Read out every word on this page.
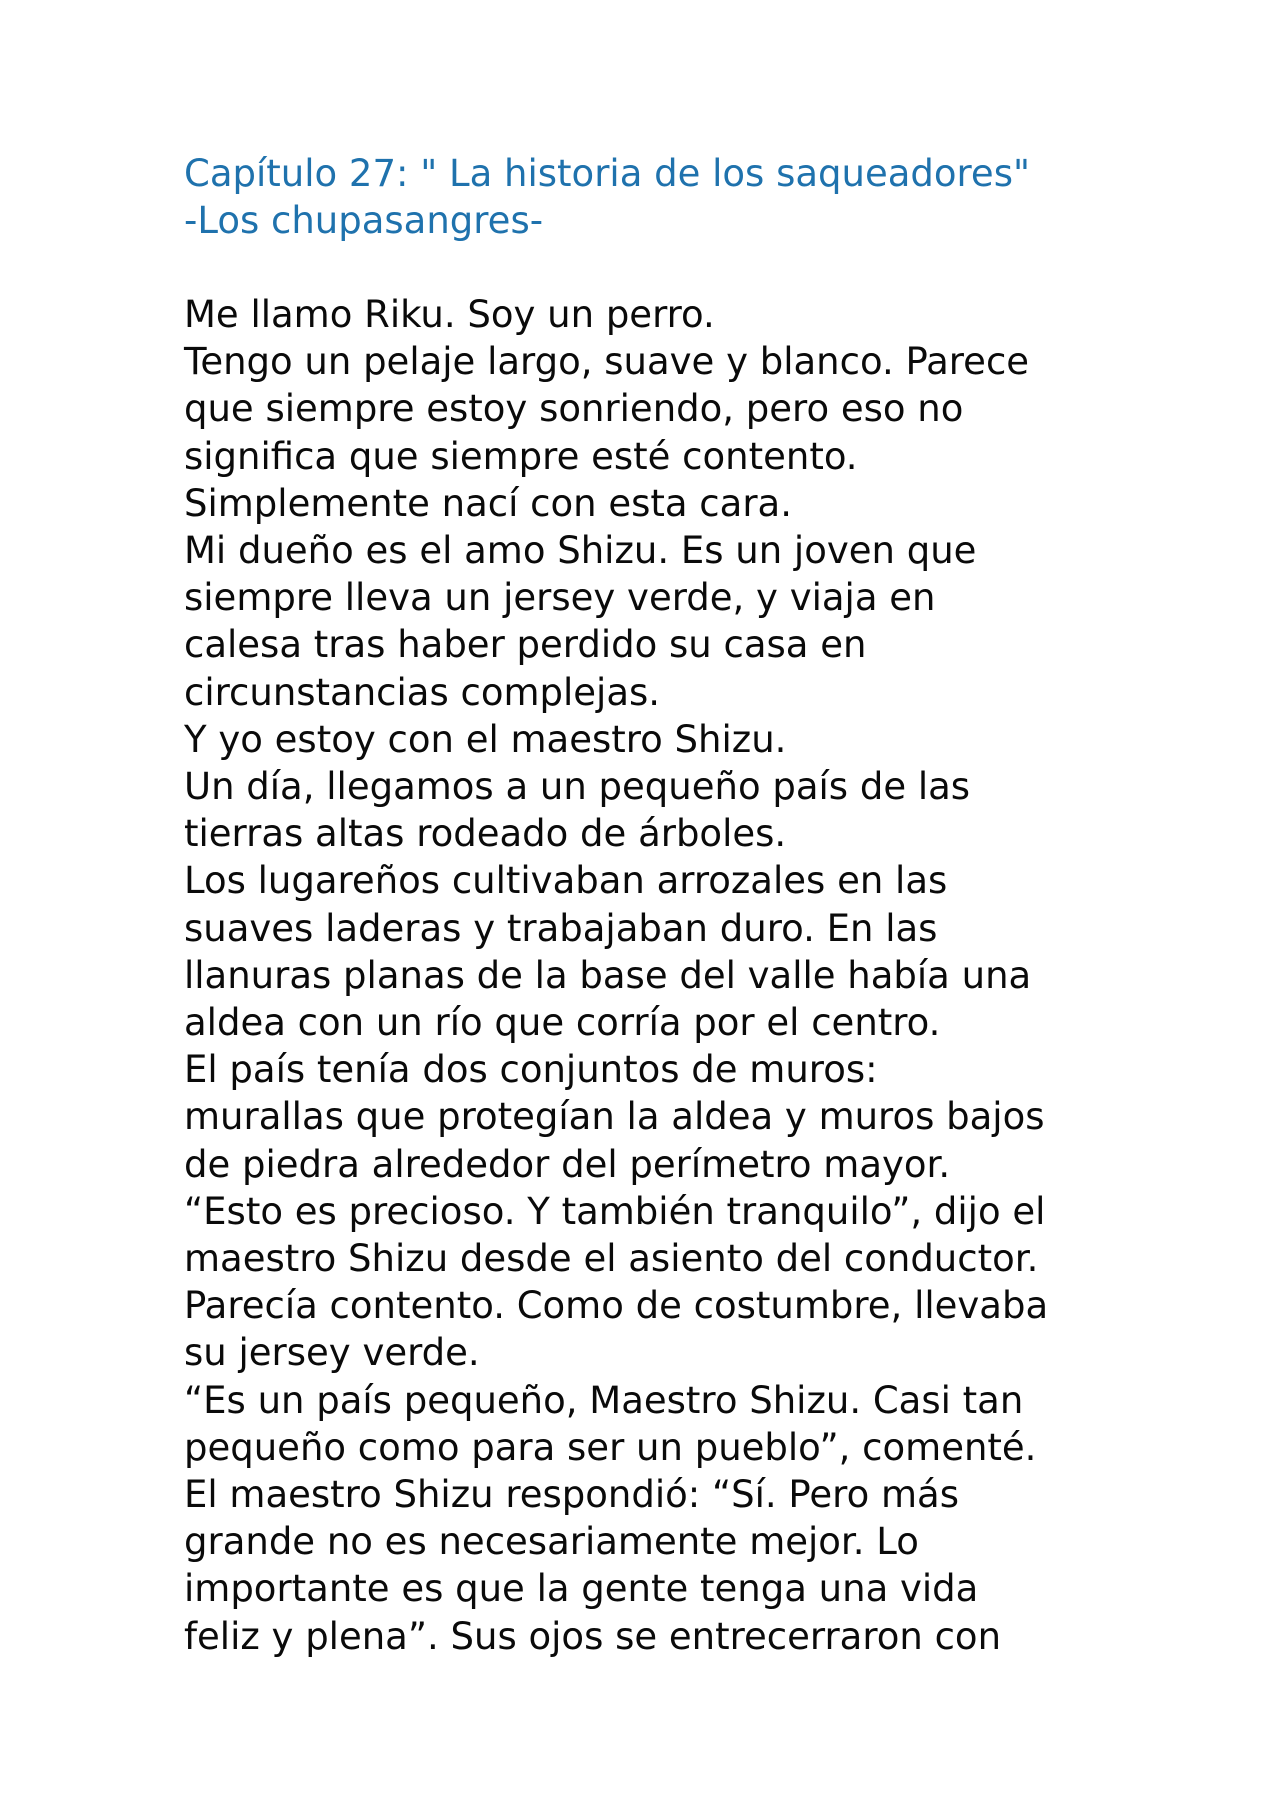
Capítulo 27: " La historia de los saqueadores"
-Los chupasangres-
Me llamo Riku. Soy un perro.
Tengo un pelaje largo, suave y blanco. Parece
que siempre estoy sonriendo, pero eso no
significa que siempre esté contento.
Simplemente nací con esta cara.
Mi dueño es el amo Shizu. Es un joven que
siempre lleva un jersey verde, y viaja en
calesa tras haber perdido su casa en
circunstancias complejas.
Y yo estoy con el maestro Shizu.
Un día, llegamos a un pequeño país de las
tierras altas rodeado de árboles.
Los lugareños cultivaban arrozales en las
suaves laderas y trabajaban duro. En las
llanuras planas de la base del valle había una
aldea con un río que corría por el centro.
El país tenía dos conjuntos de muros:
murallas que protegían la aldea y muros bajos
de piedra alrededor del perímetro mayor.
“Esto es precioso. Y también tranquilo”, dijo el
maestro Shizu desde el asiento del conductor.
Parecía contento. Como de costumbre, llevaba
su jersey verde.
“Es un país pequeño, Maestro Shizu. Casi tan
pequeño como para ser un pueblo”, comenté.
El maestro Shizu respondió: “Sí. Pero más
grande no es necesariamente mejor. Lo
importante es que la gente tenga una vida
feliz y plena”. Sus ojos se entrecerraron con
